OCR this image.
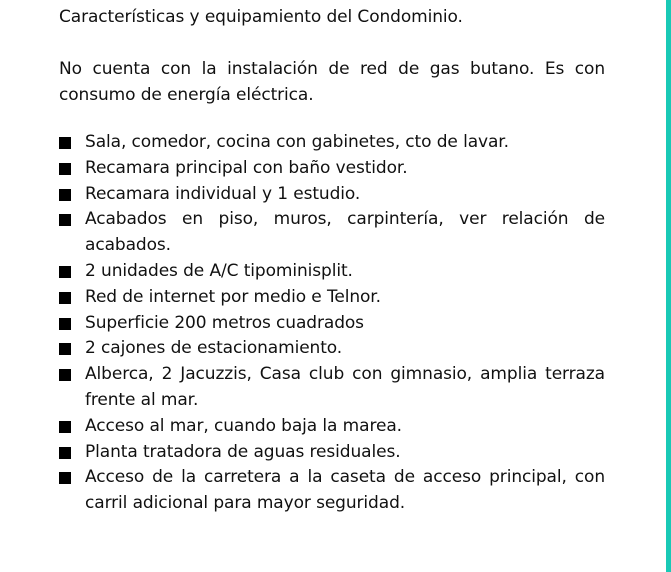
Características y equipamiento del Condominio.

No cuenta con la instalación de red de gas butano. Es con consumo de energía eléctrica.

Sala, comedor, cocina con gabinetes, cto de lavar.
Recamara principal con baño vestidor.
Recamara individual y 1 estudio.
Acabados en piso, muros, carpintería, ver relación de acabados.
2 unidades de A/C tipominisplit.
Red de internet por medio e Telnor.
Superficie 200 metros cuadrados
2 cajones de estacionamiento.
Alberca, 2 Jacuzzis, Casa club con gimnasio, amplia terraza frente al mar.
Acceso al mar, cuando baja la marea.
Planta tratadora de aguas residuales.
Acceso de la carretera a la caseta de acceso principal, con carril adicional para mayor seguridad.
